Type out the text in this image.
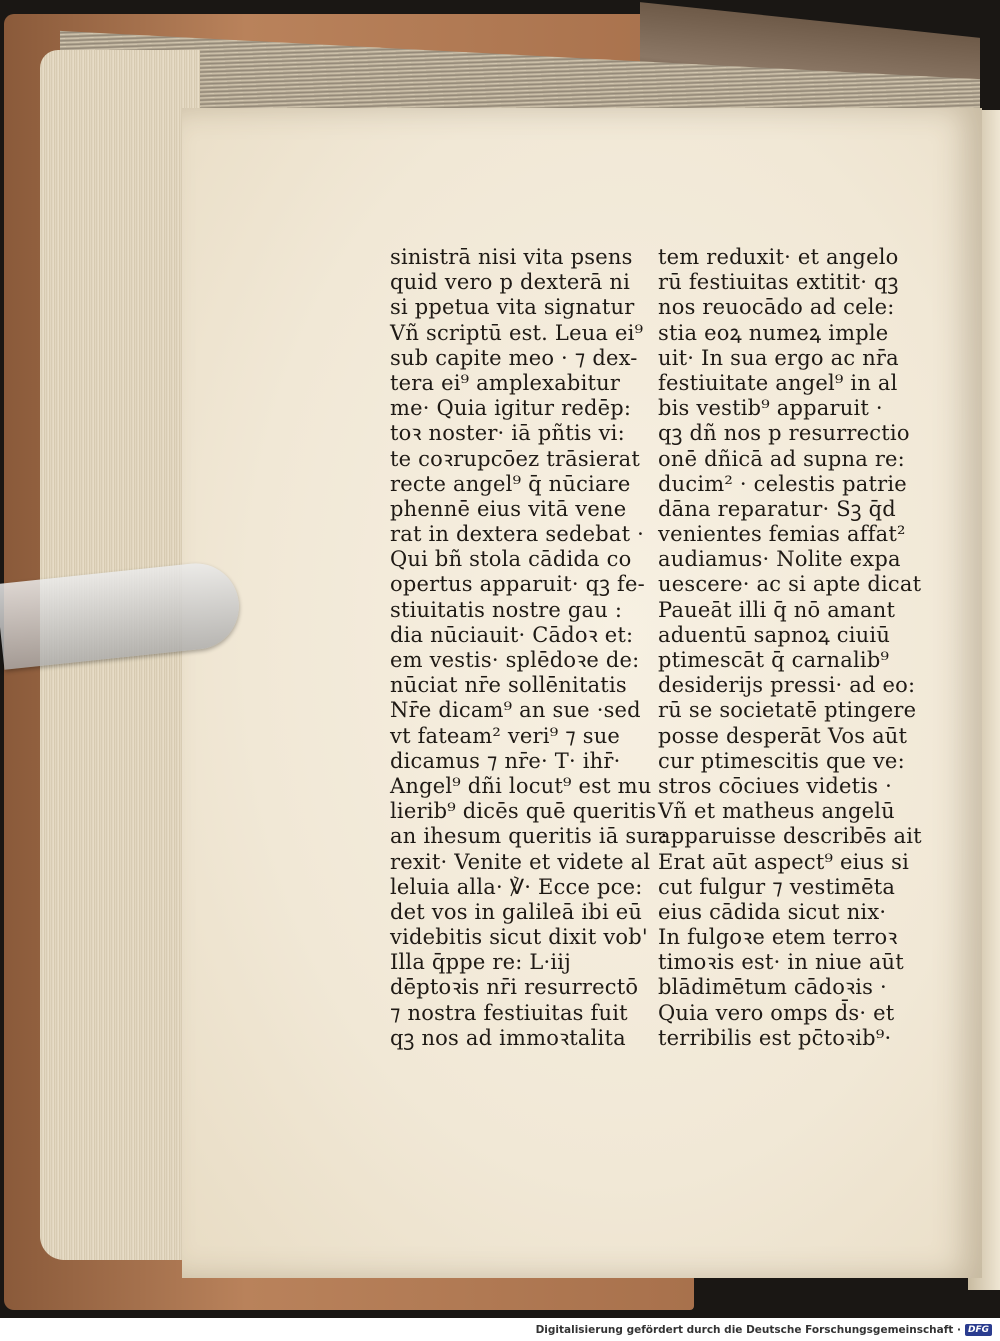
sinistrā nisi vita psens
quid vero p dexterā ni
si ppetua vita signatur
Vñ scriptū est. Leua ei⁹
sub capite meo · ⁊ dex-
tera ei⁹ amplexabitur
me· Quia igitur redēp:
toꝛ noster· iā pñtis vi:
te coꝛrupcōez trāsierat
recte angel⁹ q̄ nūciare
phennē eius vitā vene
rat in dextera sedebat ·
Qui bñ stola cādida co
opertus apparuit· qꝫ fe-
stiuitatis nostre gau :
dia nūciauit· Cādoꝛ et:
em vestis· splēdoꝛe de:
nūciat nr̄e sollēnitatis
Nr̄e dicam⁹ an sue ·sed
vt fateam² veri⁹ ⁊ sue
dicamus ⁊ nr̄e· T· ihr̄·
Angel⁹ dñi locut⁹ est mu
lierib⁹ dicēs quē queritis
an ihesum queritis iā sur:
rexit· Venite et videte al
leluia alla· ℣· Ecce pce:
det vos in galileā ibi eū
videbitis sicut dixit vob'
Illa q̄ppe re: L·iij
dēptoꝛis nr̄i resurrectō
⁊ nostra festiuitas fuit
qꝫ nos ad immoꝛtalita
tem reduxit· et angelo
rū festiuitas extitit· qꝫ
nos reuocādo ad cele:
stia eoꝝ numeꝝ imple
uit· In sua ergo ac nr̄a
festiuitate angel⁹ in al
bis vestib⁹ apparuit ·
qꝫ dñ nos p resurrectio
onē dñicā ad supna re:
ducim² · celestis patrie
dāna reparatur· Sꝫ q̄d
venientes femias affat²
audiamus· Nolite expa
uescere· ac si apte dicat
Paueāt illi q̄ nō amant
aduentū sapnoꝝ ciuiū
ptimescāt q̄ carnalib⁹
desiderijs pressi· ad eo:
rū se societatē ptingere
posse desperāt Vos aūt
cur ptimescitis que ve:
stros cōciues videtis ·
Vñ et matheus angelū
apparuisse describēs ait
Erat aūt aspect⁹ eius si
cut fulgur ⁊ vestimēta
eius cādida sicut nix·
In fulgoꝛe etem terroꝛ
timoꝛis est· in niue aūt
blādimētum cādoꝛis ·
Quia vero omps d̄s· et
terribilis est pc̄toꝛib⁹·
Digitalisierung gefördert durch die Deutsche Forschungsgemeinschaft · DFG
